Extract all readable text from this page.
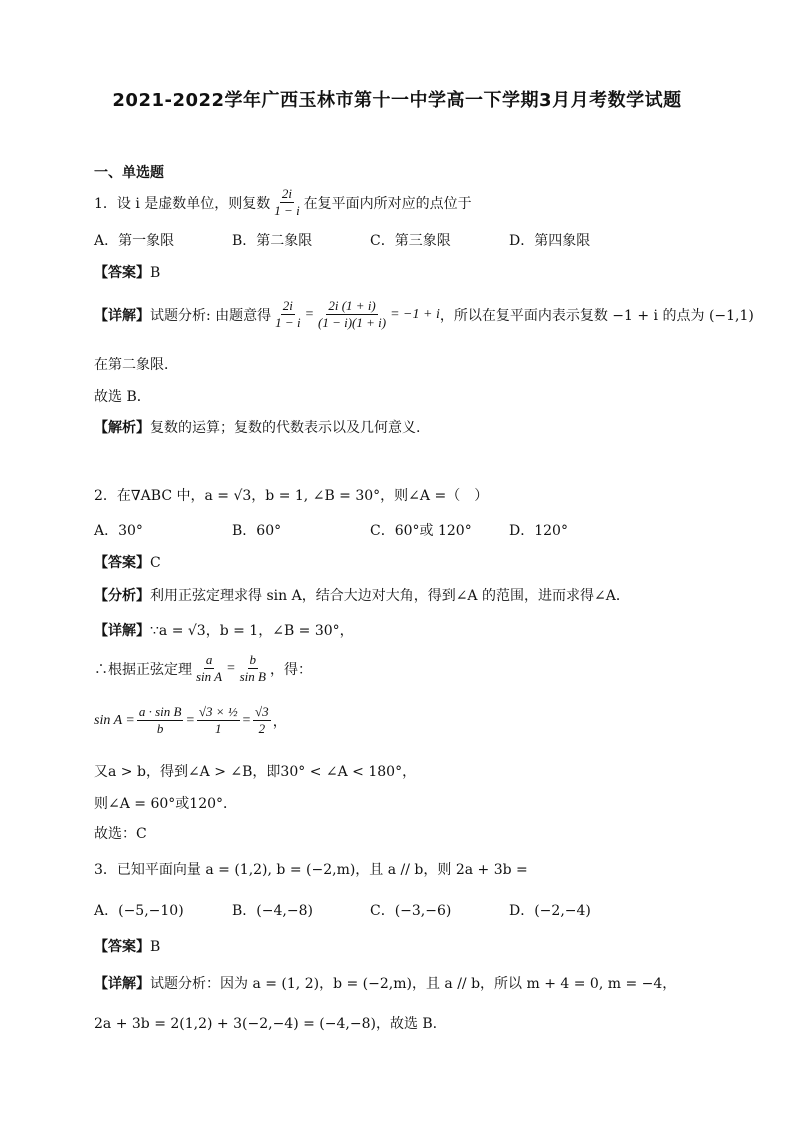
2021-2022学年广西玉林市第十一中学高一下学期3月月考数学试题
一、单选题
1．设 i 是虚数单位，则复数 $\frac{2i}{1 - i}$ 在复平面内所对应的点位于
A．第一象限	B．第二象限	C．第三象限	D．第四象限
【答案】B
【详解】 试题分析: 由题意得 $\frac{2i}{1 - i} = \frac{2i (1 + i)}{(1 - i)(1 + i)} = -1 + i$ ，所以在复平面内表示复数 −1 + i 的点为 (−1,1)
在第二象限．
故选 B．
【解析】复数的运算；复数的代数表示以及几何意义.
2．在∇ABC 中，a = √3，b = 1, ∠B = 30°，则∠A =（　）
A．30°	B．60°	C．60°或 120°	D．120°
【答案】C
【分析】利用正弦定理求得 sin A，结合大边对大角，得到∠A 的范围，进而求得∠A．
【详解】∵a = √3，b = 1，∠B = 30°，
∴根据正弦定理 $\frac{a}{\text{sin A}} = \frac{b}{\text{sin B}}$ ，得：
$\sin A = \frac{\text{a · sin B}}{b} = \frac{\text{√3 × ½}}{1} = \frac{√3}{2}$ ，
又a > b，得到∠A > ∠B，即30° < ∠A < 180°，
则∠A = 60°或120°．
故选：C
3．已知平面向量 a = (1,2), b = (−2,m)，且 a // b，则 2a + 3b =
A．(−5,−10)	B．(−4,−8)	C．(−3,−6)	D．(−2,−4)
【答案】B
【详解】试题分析：因为 a = (1, 2)，b = (−2,m)，且 a // b，所以 m + 4 = 0, m = −4，
2a + 3b = 2(1,2) + 3(−2,−4) = (−4,−8)，故选 B.
